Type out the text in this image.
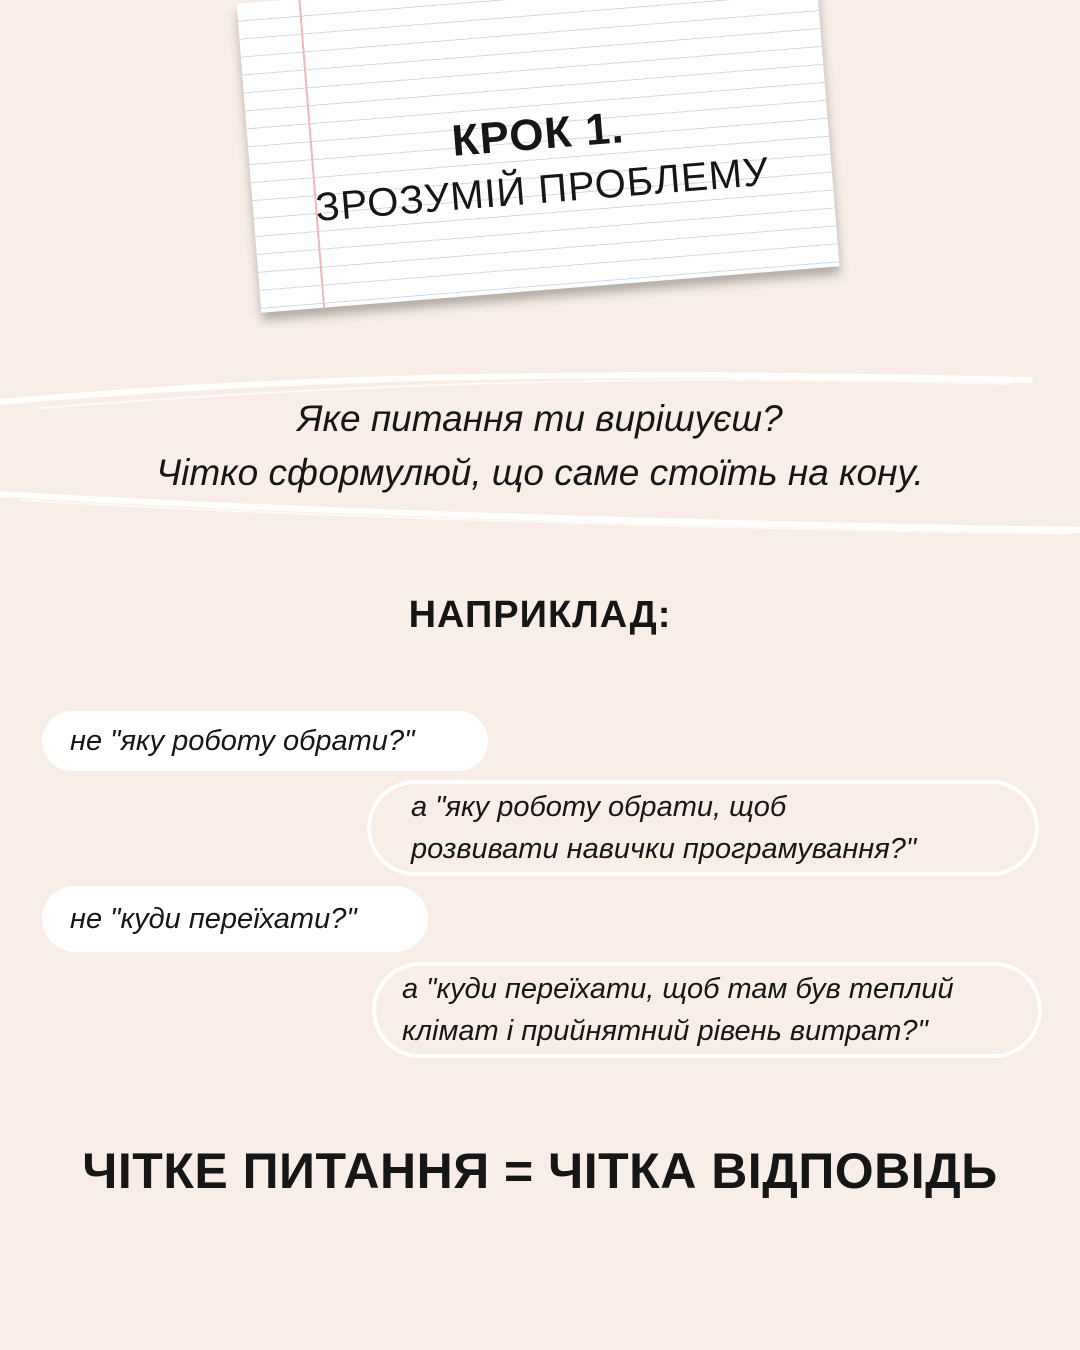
КРОК 1.
ЗРОЗУМІЙ ПРОБЛЕМУ
Яке питання ти вирішуєш?
Чітко сформулюй, що саме стоїть на кону.
НАПРИКЛАД:
не "яку роботу обрати?"
а "яку роботу обрати, щоб
розвивати навички програмування?"
не "куди переїхати?"
а "куди переїхати, щоб там був теплий
клімат і прийнятний рівень витрат?"
ЧІТКЕ ПИТАННЯ = ЧІТКА ВІДПОВІДЬ
